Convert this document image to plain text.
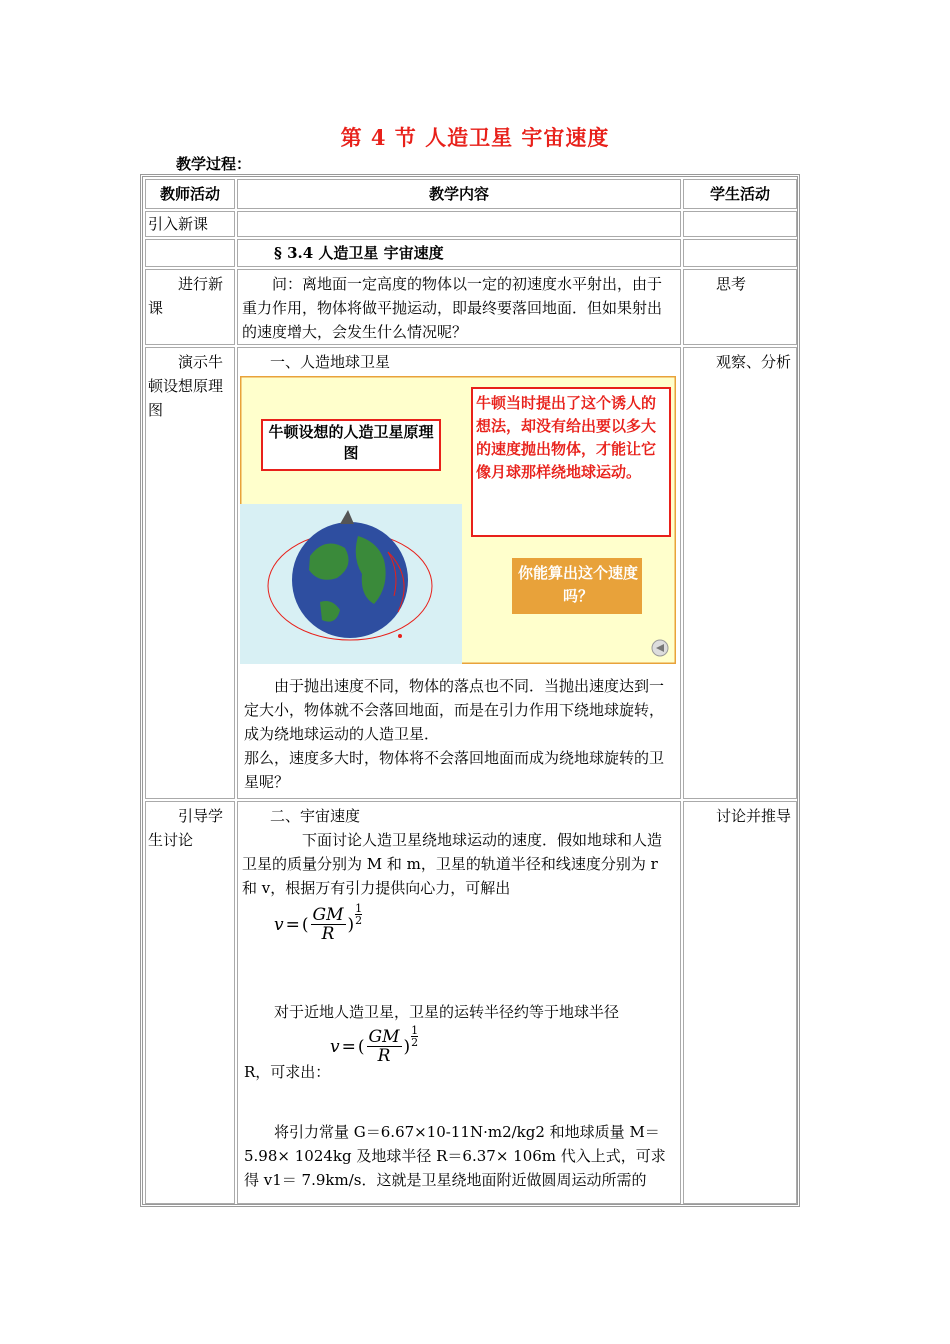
第 4 节 人造卫星 宇宙速度
教学过程：
教师活动	教学内容	学生活动
引入新课
§ 3.4 人造卫星 宇宙速度
进行新课
问：离地面一定高度的物体以一定的初速度水平射出，由于重力作用，物体将做平抛运动，即最终要落回地面．但如果射出的速度增大，会发生什么情况呢？
思考
演示牛顿设想原理图

一、人造地球卫星

牛顿设想的人造卫星原理图
牛顿当时提出了这个诱人的想法，却没有给出要以多大的速度抛出物体，才能让它像月球那样绕地球运动。
你能算出这个速度吗？

由于抛出速度不同，物体的落点也不同．当抛出速度达到一定大小，物体就不会落回地面，而是在引力作用下绕地球旋转，成为绕地球运动的人造卫星．

那么，速度多大时，物体将不会落回地面而成为绕地球旋转的卫星呢？

观察、分析
引导学生讨论

二、宇宙速度

下面讨论人造卫星绕地球运动的速度．假如地球和人造卫星的质量分别为 M 和 m，卫星的轨道半径和线速度分别为 r 和 v，根据万有引力提供向心力，可解出

v = ( $\frac{GM}{R}$ )
1
2

对于近地人造卫星，卫星的运转半径约等于地球半径

v = ( $\frac{GM}{R}$ )
1
2

R，可求出：

将引力常量 G＝6.67×10-11N·m2/kg2 和地球质量 M＝5.98× 1024kg 及地球半径 R＝6.37× 106m 代入上式，可求得 v1＝ 7.9km/s．这就是卫星绕地面附近做圆周运动所需的

讨论并推导
